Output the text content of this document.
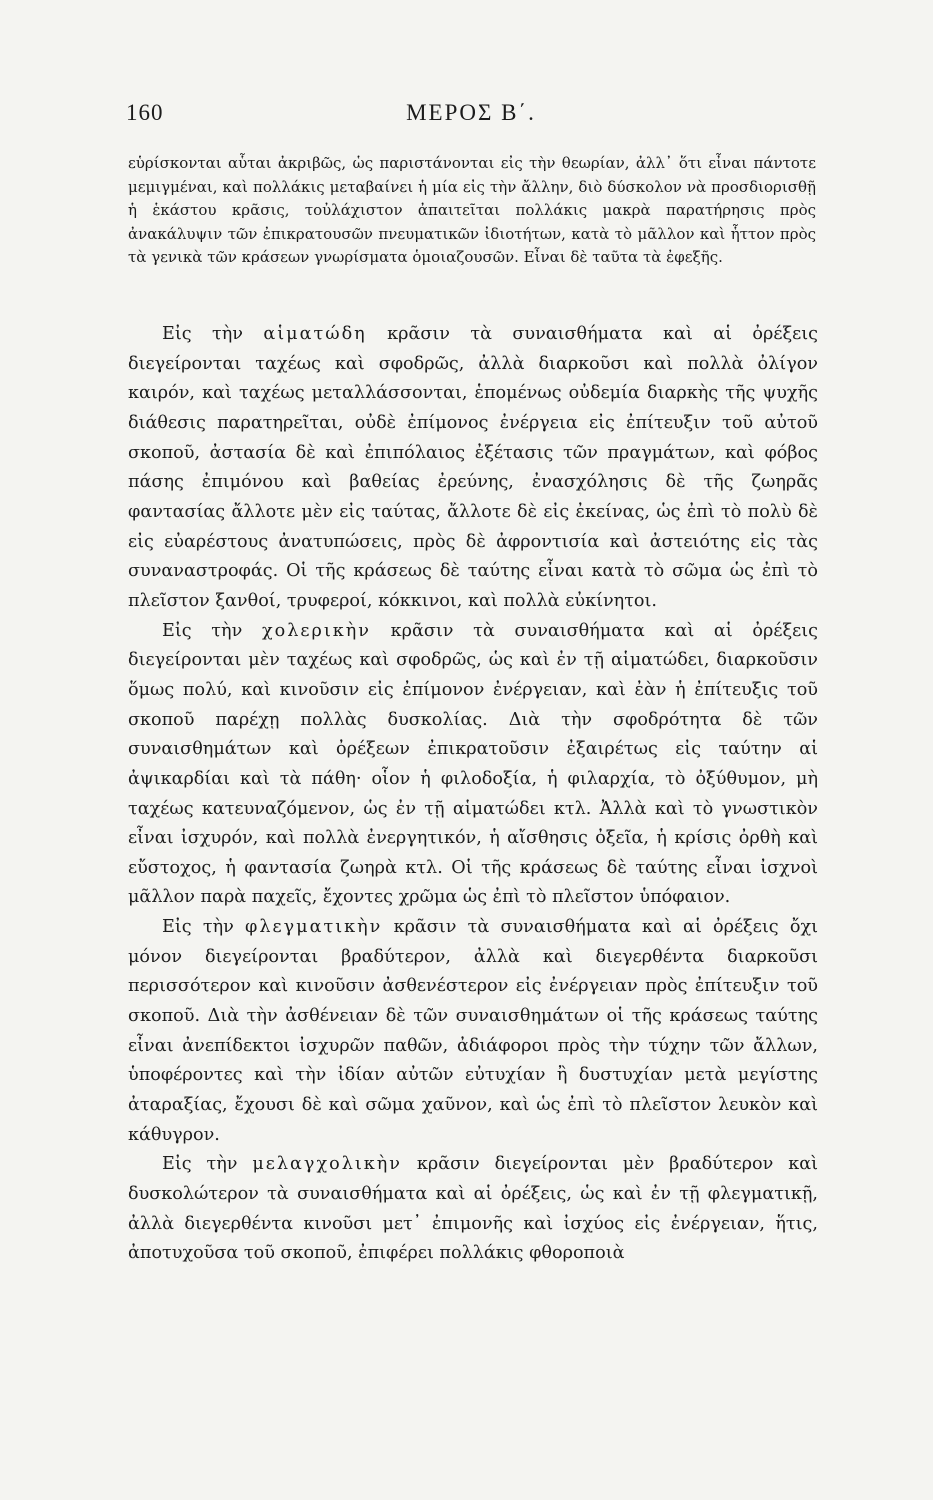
160	ΜΕΡΟΣ Β΄.

εὑρίσκονται αὗται ἀκριβῶς, ὡς παριστάνονται εἰς τὴν θεωρίαν, ἀλλ᾽ ὅτι εἶναι πάντοτε μεμιγμέναι, καὶ πολλάκις μεταβαίνει ἡ μία εἰς τὴν ἄλλην, διὸ δύσκολον νὰ προσδιορισθῇ ἡ ἑκάστου κρᾶσις, τοὐλάχιστον ἀπαιτεῖται πολλάκις μακρὰ παρατήρησις πρὸς ἀνακάλυψιν τῶν ἐπικρατουσῶν πνευματικῶν ἰδιοτήτων, κατὰ τὸ μᾶλλον καὶ ἧττον πρὸς τὰ γενικὰ τῶν κράσεων γνωρίσματα ὁμοιαζουσῶν. Εἶναι δὲ ταῦτα τὰ ἐφεξῆς.

Εἰς τὴν αἱματώδη κρᾶσιν τὰ συναισθήματα καὶ αἱ ὀρέξεις διεγείρονται ταχέως καὶ σφοδρῶς, ἀλλὰ διαρκοῦσι καὶ πολλὰ ὀλίγον καιρόν, καὶ ταχέως μεταλλάσσονται, ἑπομένως οὐδεμία διαρκὴς τῆς ψυχῆς διάθεσις παρατηρεῖται, οὐδὲ ἐπίμονος ἐνέργεια εἰς ἐπίτευξιν τοῦ αὐτοῦ σκοποῦ, ἀστασία δὲ καὶ ἐπιπόλαιος ἐξέτασις τῶν πραγμάτων, καὶ φόβος πάσης ἐπιμόνου καὶ βαθείας ἐρεύνης, ἐνασχόλησις δὲ τῆς ζωηρᾶς φαντασίας ἄλλοτε μὲν εἰς ταύτας, ἄλλοτε δὲ εἰς ἐκείνας, ὡς ἐπὶ τὸ πολὺ δὲ εἰς εὐαρέστους ἀνατυπώσεις, πρὸς δὲ ἀφροντισία καὶ ἀστειότης εἰς τὰς συναναστροφάς. Οἱ τῆς κράσεως δὲ ταύτης εἶναι κατὰ τὸ σῶμα ὡς ἐπὶ τὸ πλεῖστον ξανθοί, τρυφεροί, κόκκινοι, καὶ πολλὰ εὐκίνητοι.

Εἰς τὴν χολερικὴν κρᾶσιν τὰ συναισθήματα καὶ αἱ ὀρέξεις διεγείρονται μὲν ταχέως καὶ σφοδρῶς, ὡς καὶ ἐν τῇ αἱματώδει, διαρκοῦσιν ὅμως πολύ, καὶ κινοῦσιν εἰς ἐπίμονον ἐνέργειαν, καὶ ἐὰν ἡ ἐπίτευξις τοῦ σκοποῦ παρέχῃ πολλὰς δυσκολίας. Διὰ τὴν σφοδρότητα δὲ τῶν συναισθημάτων καὶ ὀρέξεων ἐπικρατοῦσιν ἐξαιρέτως εἰς ταύτην αἱ ἀψικαρδίαι καὶ τὰ πάθη· οἷον ἡ φιλοδοξία, ἡ φιλαρχία, τὸ ὀξύθυμον, μὴ ταχέως κατευναζόμενον, ὡς ἐν τῇ αἱματώδει κτλ. Ἀλλὰ καὶ τὸ γνωστικὸν εἶναι ἰσχυρόν, καὶ πολλὰ ἐνεργητικόν, ἡ αἴσθησις ὀξεῖα, ἡ κρίσις ὀρθὴ καὶ εὔστοχος, ἡ φαντασία ζωηρὰ κτλ. Οἱ τῆς κράσεως δὲ ταύτης εἶναι ἰσχνοὶ μᾶλλον παρὰ παχεῖς, ἔχοντες χρῶμα ὡς ἐπὶ τὸ πλεῖστον ὑπόφαιον.

Εἰς τὴν φλεγματικὴν κρᾶσιν τὰ συναισθήματα καὶ αἱ ὀρέξεις ὄχι μόνον διεγείρονται βραδύτερον, ἀλλὰ καὶ διεγερθέντα διαρκοῦσι περισσότερον καὶ κινοῦσιν ἀσθενέστερον εἰς ἐνέργειαν πρὸς ἐπίτευξιν τοῦ σκοποῦ. Διὰ τὴν ἀσθένειαν δὲ τῶν συναισθημάτων οἱ τῆς κράσεως ταύτης εἶναι ἀνεπίδεκτοι ἰσχυρῶν παθῶν, ἀδιάφοροι πρὸς τὴν τύχην τῶν ἄλλων, ὑποφέροντες καὶ τὴν ἰδίαν αὐτῶν εὐτυχίαν ἢ δυστυχίαν μετὰ μεγίστης ἀταραξίας, ἔχουσι δὲ καὶ σῶμα χαῦνον, καὶ ὡς ἐπὶ τὸ πλεῖστον λευκὸν καὶ κάθυγρον.

Εἰς τὴν μελαγχολικὴν κρᾶσιν διεγείρονται μὲν βραδύτερον καὶ δυσκολώτερον τὰ συναισθήματα καὶ αἱ ὀρέξεις, ὡς καὶ ἐν τῇ φλεγματικῇ, ἀλλὰ διεγερθέντα κινοῦσι μετ᾽ ἐπιμονῆς καὶ ἰσχύος εἰς ἐνέργειαν, ἥτις, ἀποτυχοῦσα τοῦ σκοποῦ, ἐπιφέρει πολλάκις φθοροποιὰ
